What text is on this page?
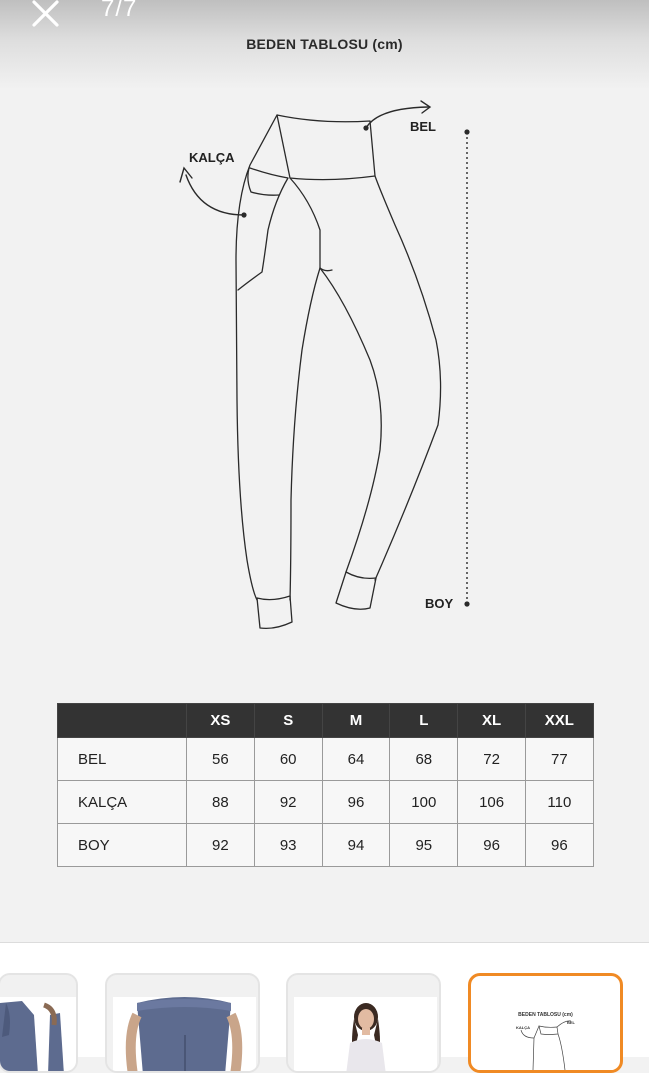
7/7
BEDEN TABLOSU (cm)
BEL
KALÇA
BOY
	XS	S	M	L	XL	XXL
BEL	56	60	64	68	72	77
KALÇA	88	92	96	100	106	110
BOY	92	93	94	95	96	96
BEDEN TABLOSU (cm)
BEL
KALÇA
